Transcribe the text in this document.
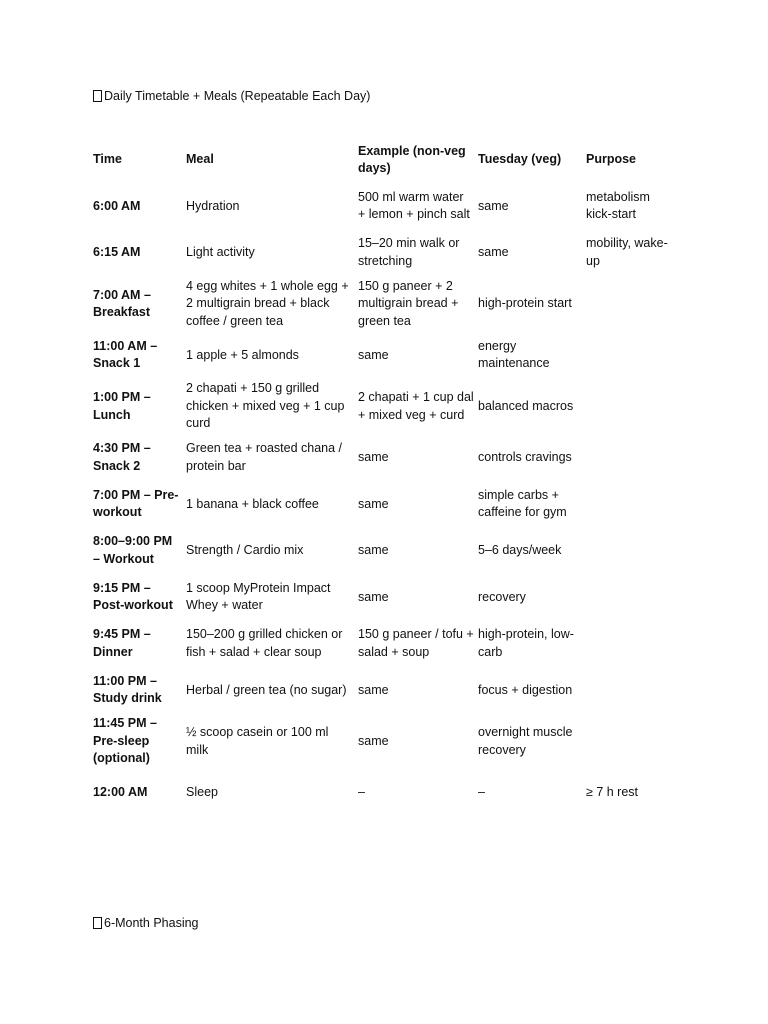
Daily Timetable + Meals (Repeatable Each Day)
Time	Meal	Example (non-veg days)	Tuesday (veg)	Purpose
6:00 AM	Hydration	500 ml warm water + lemon + pinch salt	same	metabolism kick-start
6:15 AM	Light activity	15–20 min walk or stretching	same	mobility, wake-up
7:00 AM – Breakfast	4 egg whites + 1 whole egg + 2 multigrain bread + black coffee / green tea	150 g paneer + 2 multigrain bread + green tea	high-protein start	
11:00 AM – Snack 1	1 apple + 5 almonds	same	energy maintenance	
1:00 PM – Lunch	2 chapati + 150 g grilled chicken + mixed veg + 1 cup curd	2 chapati + 1 cup dal + mixed veg + curd	balanced macros	
4:30 PM – Snack 2	Green tea + roasted chana / protein bar	same	controls cravings	
7:00 PM – Pre-workout	1 banana + black coffee	same	simple carbs + caffeine for gym	
8:00–9:00 PM – Workout	Strength / Cardio mix	same	5–6 days/week	
9:15 PM – Post-workout	1 scoop MyProtein Impact Whey + water	same	recovery	
9:45 PM – Dinner	150–200 g grilled chicken or fish + salad + clear soup	150 g paneer / tofu + salad + soup	high-protein, low-carb	
11:00 PM – Study drink	Herbal / green tea (no sugar)	same	focus + digestion	
11:45 PM – Pre-sleep (optional)	½ scoop casein or 100 ml milk	same	overnight muscle recovery	
12:00 AM	Sleep	–	–	≥ 7 h rest
6-Month Phasing
